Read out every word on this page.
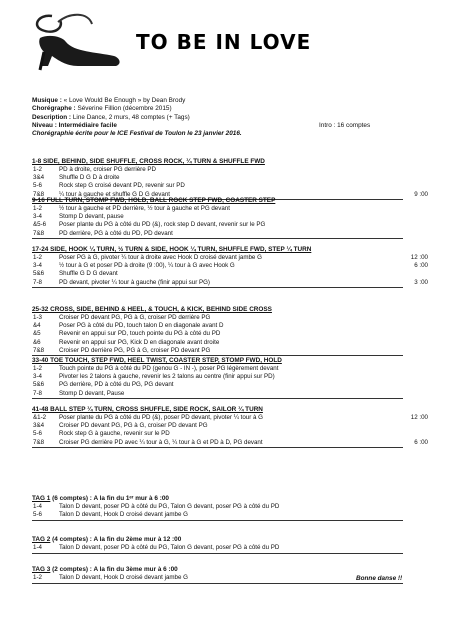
TO BE IN LOVE
Musique : « Love Would Be Enough » by Dean Brody
Chorégraphe : Séverine Fillion (décembre 2015)
Description : Line Dance, 2 murs, 48 comptes (+ Tags)
Niveau : Intermédiaire facile	Intro : 16 comptes
Chorégraphie écrite pour le ICE Festival de Toulon le 23 janvier 2016.
1-8 SIDE, BEHIND, SIDE SHUFFLE, CROSS ROCK, ¼ TURN & SHUFFLE FWD
1-2	PD à droite, croiser PG derrière PD
3&4	Shuffle D G D à droite
5-6	Rock step G croisé devant PD, revenir sur PD
7&8	¼ tour à gauche et shuffle G D G devant	9 :00
9-16 FULL TURN, STOMP FWD, HOLD, BALL ROCK STEP FWD, COASTER STEP
1-2	½ tour à gauche et PD derrière, ½ tour à gauche et PG devant
3-4	Stomp D devant, pause
&5-6	Poser plante du PG à côté du PD (&), rock step D devant, revenir sur le PG
7&8	PD derrière, PG à côté du PD, PD devant
17-24 SIDE, HOOK ¼ TURN, ½ TURN & SIDE, HOOK ¼ TURN, SHUFFLE FWD, STEP ¼ TURN
1-2	Poser PG à G, pivoter ¼ tour à droite avec Hook D croisé devant jambe G	12 :00
3-4	½ tour à G et poser PD à droite (9 :00), ¼ tour à G avec Hook G	6 :00
5&6	Shuffle G D G devant
7-8	PD devant, pivoter ¼ tour à gauche (finir appui sur PG)	3 :00
25-32 CROSS, SIDE, BEHIND & HEEL, & TOUCH, & KICK, BEHIND SIDE CROSS
1-3	Croiser PD devant PG, PG à G, croiser PD derrière PG
&4	Poser PG à côté du PD, touch talon D en diagonale avant D
&5	Revenir en appui sur PD, touch pointe du PG à côté du PD
&6	Revenir en appui sur PG, Kick D en diagonale avant droite
7&8	Croiser PD derrière PG, PG à G, croiser PD devant PG
33-40 TOE TOUCH, STEP FWD, HEEL TWIST, COASTER STEP, STOMP FWD, HOLD
1-2	Touch pointe du PG à côté du PD (genou G - IN -), poser PG légèrement devant
3-4	Pivoter les 2 talons à gauche, revenir les 2 talons au centre (finir appui sur PD)
5&6	PG derrière, PD à côté du PG, PG devant
7-8	Stomp D devant, Pause
41-48 BALL STEP ¼ TURN, CROSS SHUFFLE, SIDE ROCK, SAILOR ¼ TURN
&1-2	Poser plante du PG à côté du PD (&), poser PD devant, pivoter ¼ tour à G	12 :00
3&4	Croiser PD devant PG, PG à G, croiser PD devant PG
5-6	Rock step G à gauche, revenir sur le PD
7&8	Croiser PG derrière PD avec ¼ tour à G, ¼ tour à G et PD à D, PG devant	6 :00
TAG 1 (6 comptes) : A la fin du 1ᵉʳ mur à 6 :00
1-4	Talon D devant, poser PD à côté du PG, Talon G devant, poser PG à côté du PD
5-6	Talon D devant, Hook D croisé devant jambe G
TAG 2 (4 comptes) : A la fin du 2ème mur à 12 :00
1-4	Talon D devant, poser PD à côté du PG, Talon G devant, poser PG à côté du PD
TAG 3 (2 comptes) : A la fin du 3ème mur à 6 :00
1-2	Talon D devant, Hook D croisé devant jambe G	Bonne danse !!
